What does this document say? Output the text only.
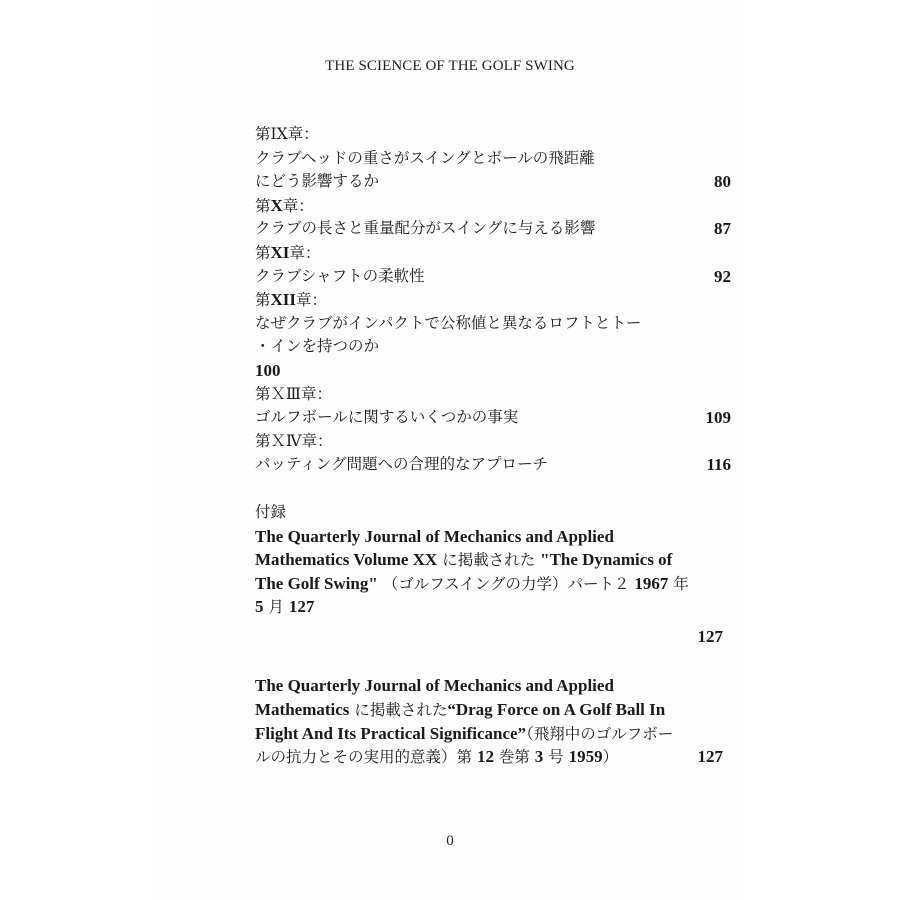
THE SCIENCE OF THE GOLF SWING
第IX章：
クラブヘッドの重さがスイングとボールの飛距離
にどう影響するか	80
第X章：
クラブの長さと重量配分がスイングに与える影響	87
第XI章：
クラブシャフトの柔軟性	92
第XII章：
なぜクラブがインパクトで公称値と異なるロフトとトー
・インを持つのか
100
第ＸⅢ章：
ゴルフボールに関するいくつかの事実	109
第ＸⅣ章：
パッティング問題への合理的なアプローチ	116
付録
The Quarterly Journal of Mechanics and Applied
Mathematics Volume XX に掲載された "The Dynamics of
The Golf Swing" （ゴルフスイングの力学）パート２ 1967 年
5 月 127
127
The Quarterly Journal of Mechanics and Applied
Mathematics に掲載された“Drag Force on A Golf Ball In
Flight And Its Practical Significance”（飛翔中のゴルフボー
ルの抗力とその実用的意義）第 12 巻第 3 号 1959）	127
0
